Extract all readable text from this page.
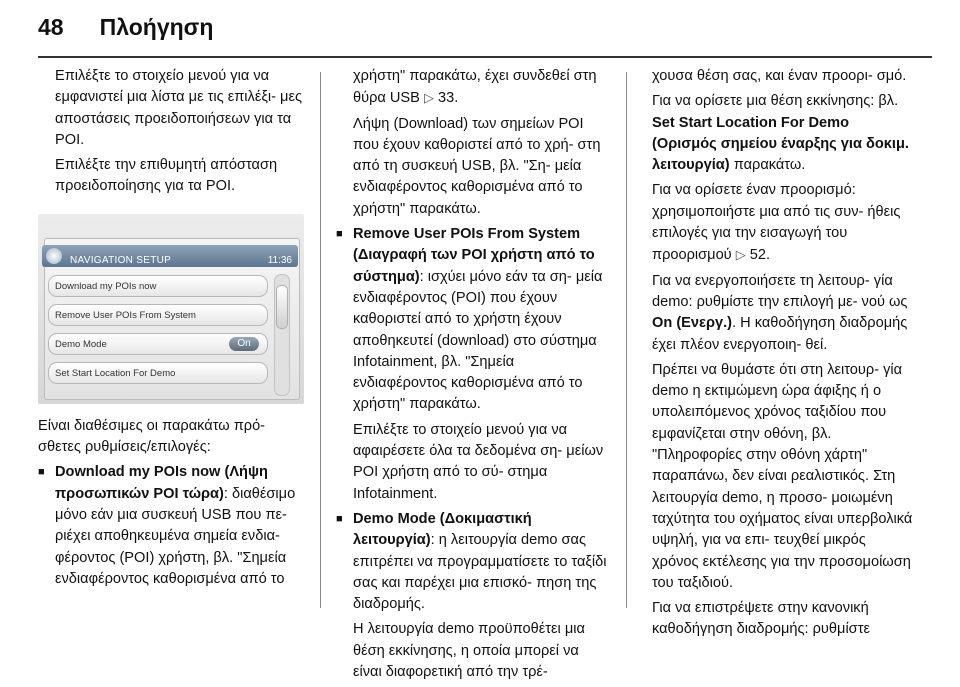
48 Πλοήγηση

Επιλέξτε το στοιχείο μενού για να εμφανιστεί μια λίστα με τις επιλέξι- μες αποστάσεις προειδοποιήσεων για τα POI.

Επιλέξτε την επιθυμητή απόσταση προειδοποίησης για τα POI.

NAVIGATION SETUP	11:36
Download my POIs now
Remove User POIs From System
Demo Mode	On
Set Start Location For Demo

Είναι διαθέσιμες οι παρακάτω πρό- σθετες ρυθμίσεις/επιλογές:

■ Download my POIs now (Λήψη προσωπικών POI τώρα): διαθέσιμο μόνο εάν μια συσκευή USB που πε- ριέχει αποθηκευμένα σημεία ενδια- φέροντος (POI) χρήστη, βλ. "Σημεία ενδιαφέροντος καθορισμένα από το

χρήστη" παρακάτω, έχει συνδεθεί στη θύρα USB ▷ 33.

Λήψη (Download) των σημείων POI που έχουν καθοριστεί από το χρή- στη από τη συσκευή USB, βλ. "Ση- μεία ενδιαφέροντος καθορισμένα από το χρήστη" παρακάτω.

■ Remove User POIs From System (Διαγραφή των POI χρήστη από το σύστημα): ισχύει μόνο εάν τα ση- μεία ενδιαφέροντος (POI) που έχουν καθοριστεί από το χρήστη έχουν αποθηκευτεί (download) στο σύστημα Infotainment, βλ. "Σημεία ενδιαφέροντος καθορισμένα από το χρήστη" παρακάτω.

Επιλέξτε το στοιχείο μενού για να αφαιρέσετε όλα τα δεδομένα ση- μείων POI χρήστη από το σύ- στημα Infotainment.

■ Demo Mode (Δοκιμαστική λειτουργία): η λειτουργία demo σας επιτρέπει να προγραμματίσετε το ταξίδι σας και παρέχει μια επισκό- πηση της διαδρομής.

Η λειτουργία demo προϋποθέτει μια θέση εκκίνησης, η οποία μπορεί να είναι διαφορετική από την τρέ-

χουσα θέση σας, και έναν προορι- σμό.

Για να ορίσετε μια θέση εκκίνησης: βλ. Set Start Location For Demo (Ορισμός σημείου έναρξης για δοκιμ. λειτουργία) παρακάτω.

Για να ορίσετε έναν προορισμό: χρησιμοποιήστε μια από τις συν- ήθεις επιλογές για την εισαγωγή του προορισμού ▷ 52.

Για να ενεργοποιήσετε τη λειτουρ- γία demo: ρυθμίστε την επιλογή με- νού ως On (Ενεργ.). Η καθοδήγηση διαδρομής έχει πλέον ενεργοποιη- θεί.

Πρέπει να θυμάστε ότι στη λειτουρ- γία demo η εκτιμώμενη ώρα άφιξης ή ο υπολειπόμενος χρόνος ταξιδίου που εμφανίζεται στην οθόνη, βλ. "Πληροφορίες στην οθόνη χάρτη" παραπάνω, δεν είναι ρεαλιστικός. Στη λειτουργία demo, η προσο- μοιωμένη ταχύτητα του οχήματος είναι υπερβολικά υψηλή, για να επι- τευχθεί μικρός χρόνος εκτέλεσης για την προσομοίωση του ταξιδιού.

Για να επιστρέψετε στην κανονική καθοδήγηση διαδρομής: ρυθμίστε
